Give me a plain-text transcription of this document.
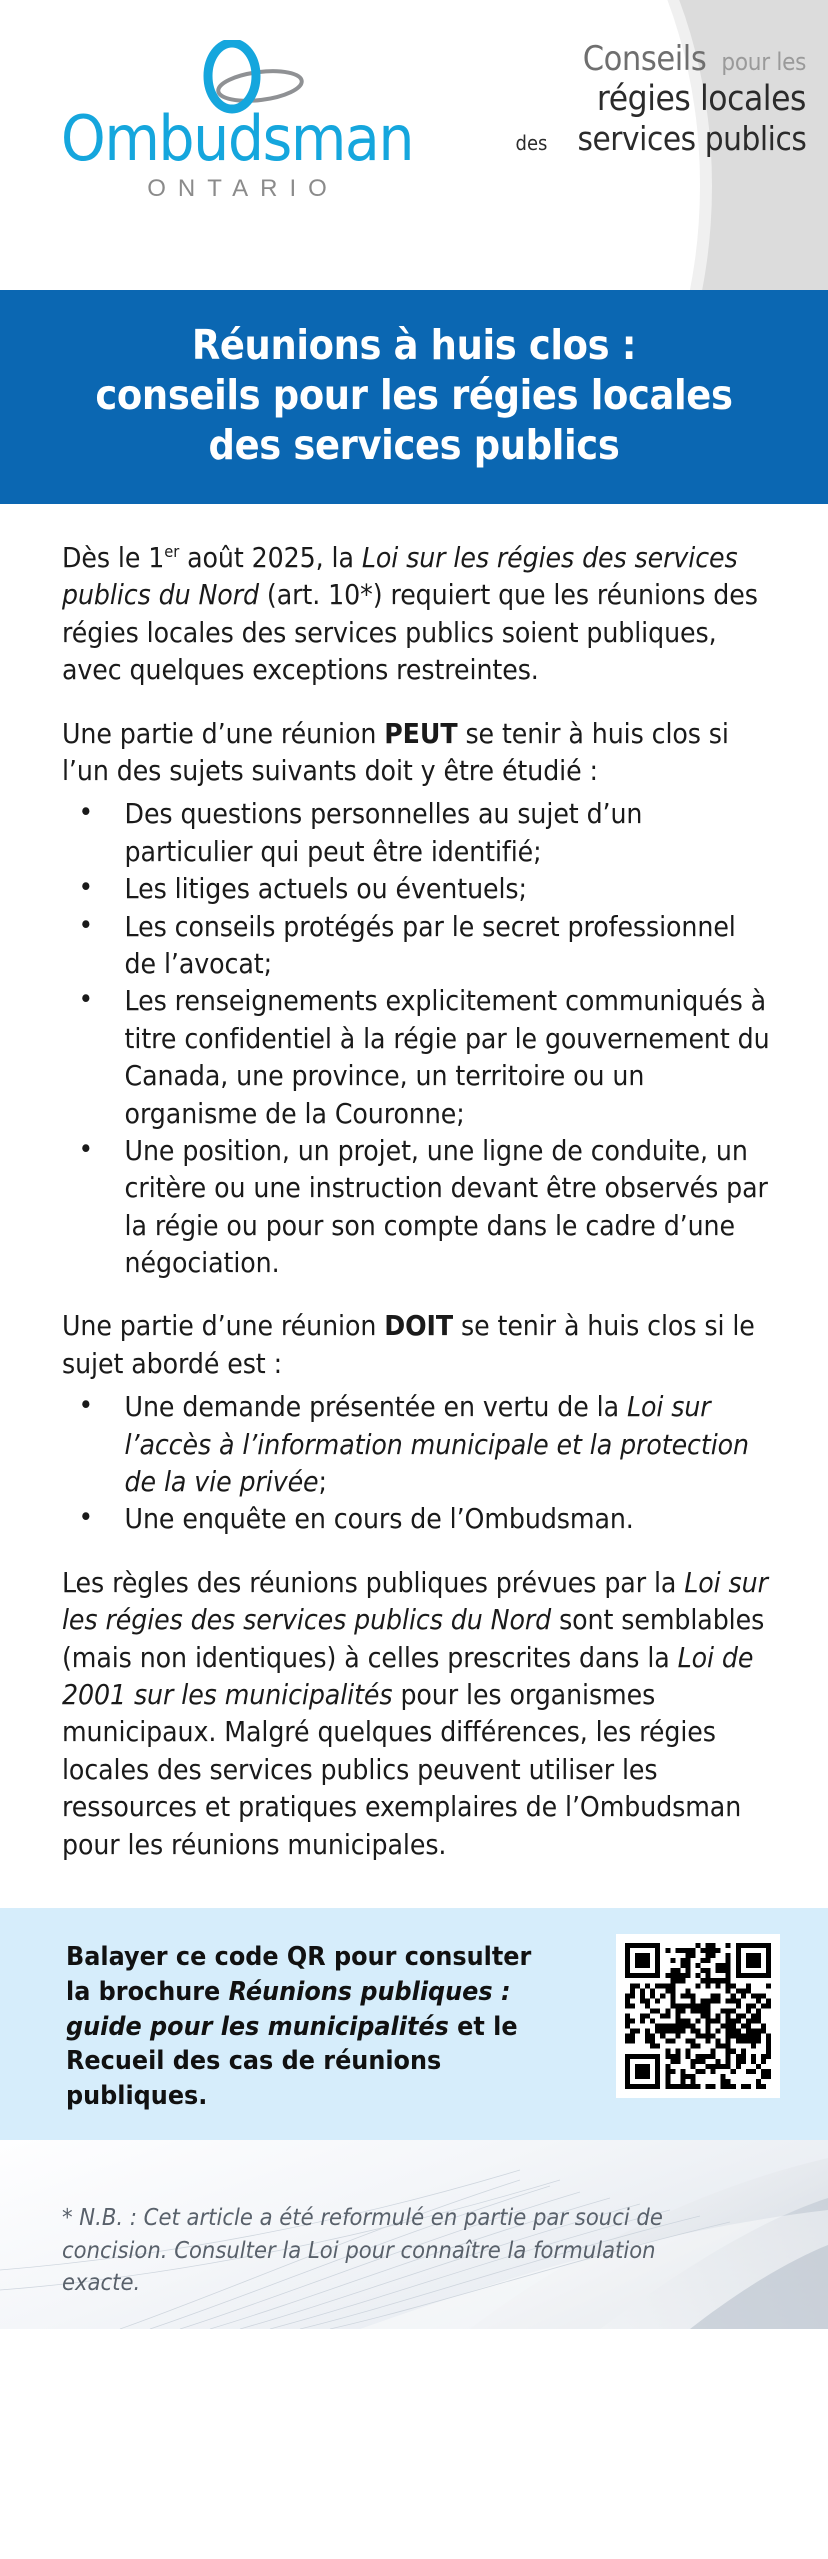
Ombudsman
ONTARIO
Conseils pour les
régies locales
des services publics
Réunions à huis clos :
conseils pour les régies locales
des services publics

Dès le 1er août 2025, la Loi sur les régies des services publics du Nord (art. 10*) requiert que les réunions des régies locales des services publics soient publiques, avec quelques exceptions restreintes.

Une partie d’une réunion PEUT se tenir à huis clos si l’un des sujets suivants doit y être étudié :

• Des questions personnelles au sujet d’un particulier qui peut être identifié;
• Les litiges actuels ou éventuels;
• Les conseils protégés par le secret professionnel de l’avocat;
• Les renseignements explicitement communiqués à titre confidentiel à la régie par le gouvernement du Canada, une province, un territoire ou un organisme de la Couronne;
• Une position, un projet, une ligne de conduite, un critère ou une instruction devant être observés par la régie ou pour son compte dans le cadre d’une négociation.

Une partie d’une réunion DOIT se tenir à huis clos si le sujet abordé est :

• Une demande présentée en vertu de la Loi sur l’accès à l’information municipale et la protection de la vie privée;
• Une enquête en cours de l’Ombudsman.

Les règles des réunions publiques prévues par la Loi sur les régies des services publics du Nord sont semblables (mais non identiques) à celles prescrites dans la Loi de 2001 sur les municipalités pour les organismes municipaux. Malgré quelques différences, les régies locales des services publics peuvent utiliser les ressources et pratiques exemplaires de l’Ombudsman pour les réunions municipales.

Balayer ce code QR pour consulter la brochure Réunions publiques : guide pour les municipalités et le Recueil des cas de réunions publiques.
* N.B. : Cet article a été reformulé en partie par souci de concision. Consulter la Loi pour connaître la formulation exacte.
